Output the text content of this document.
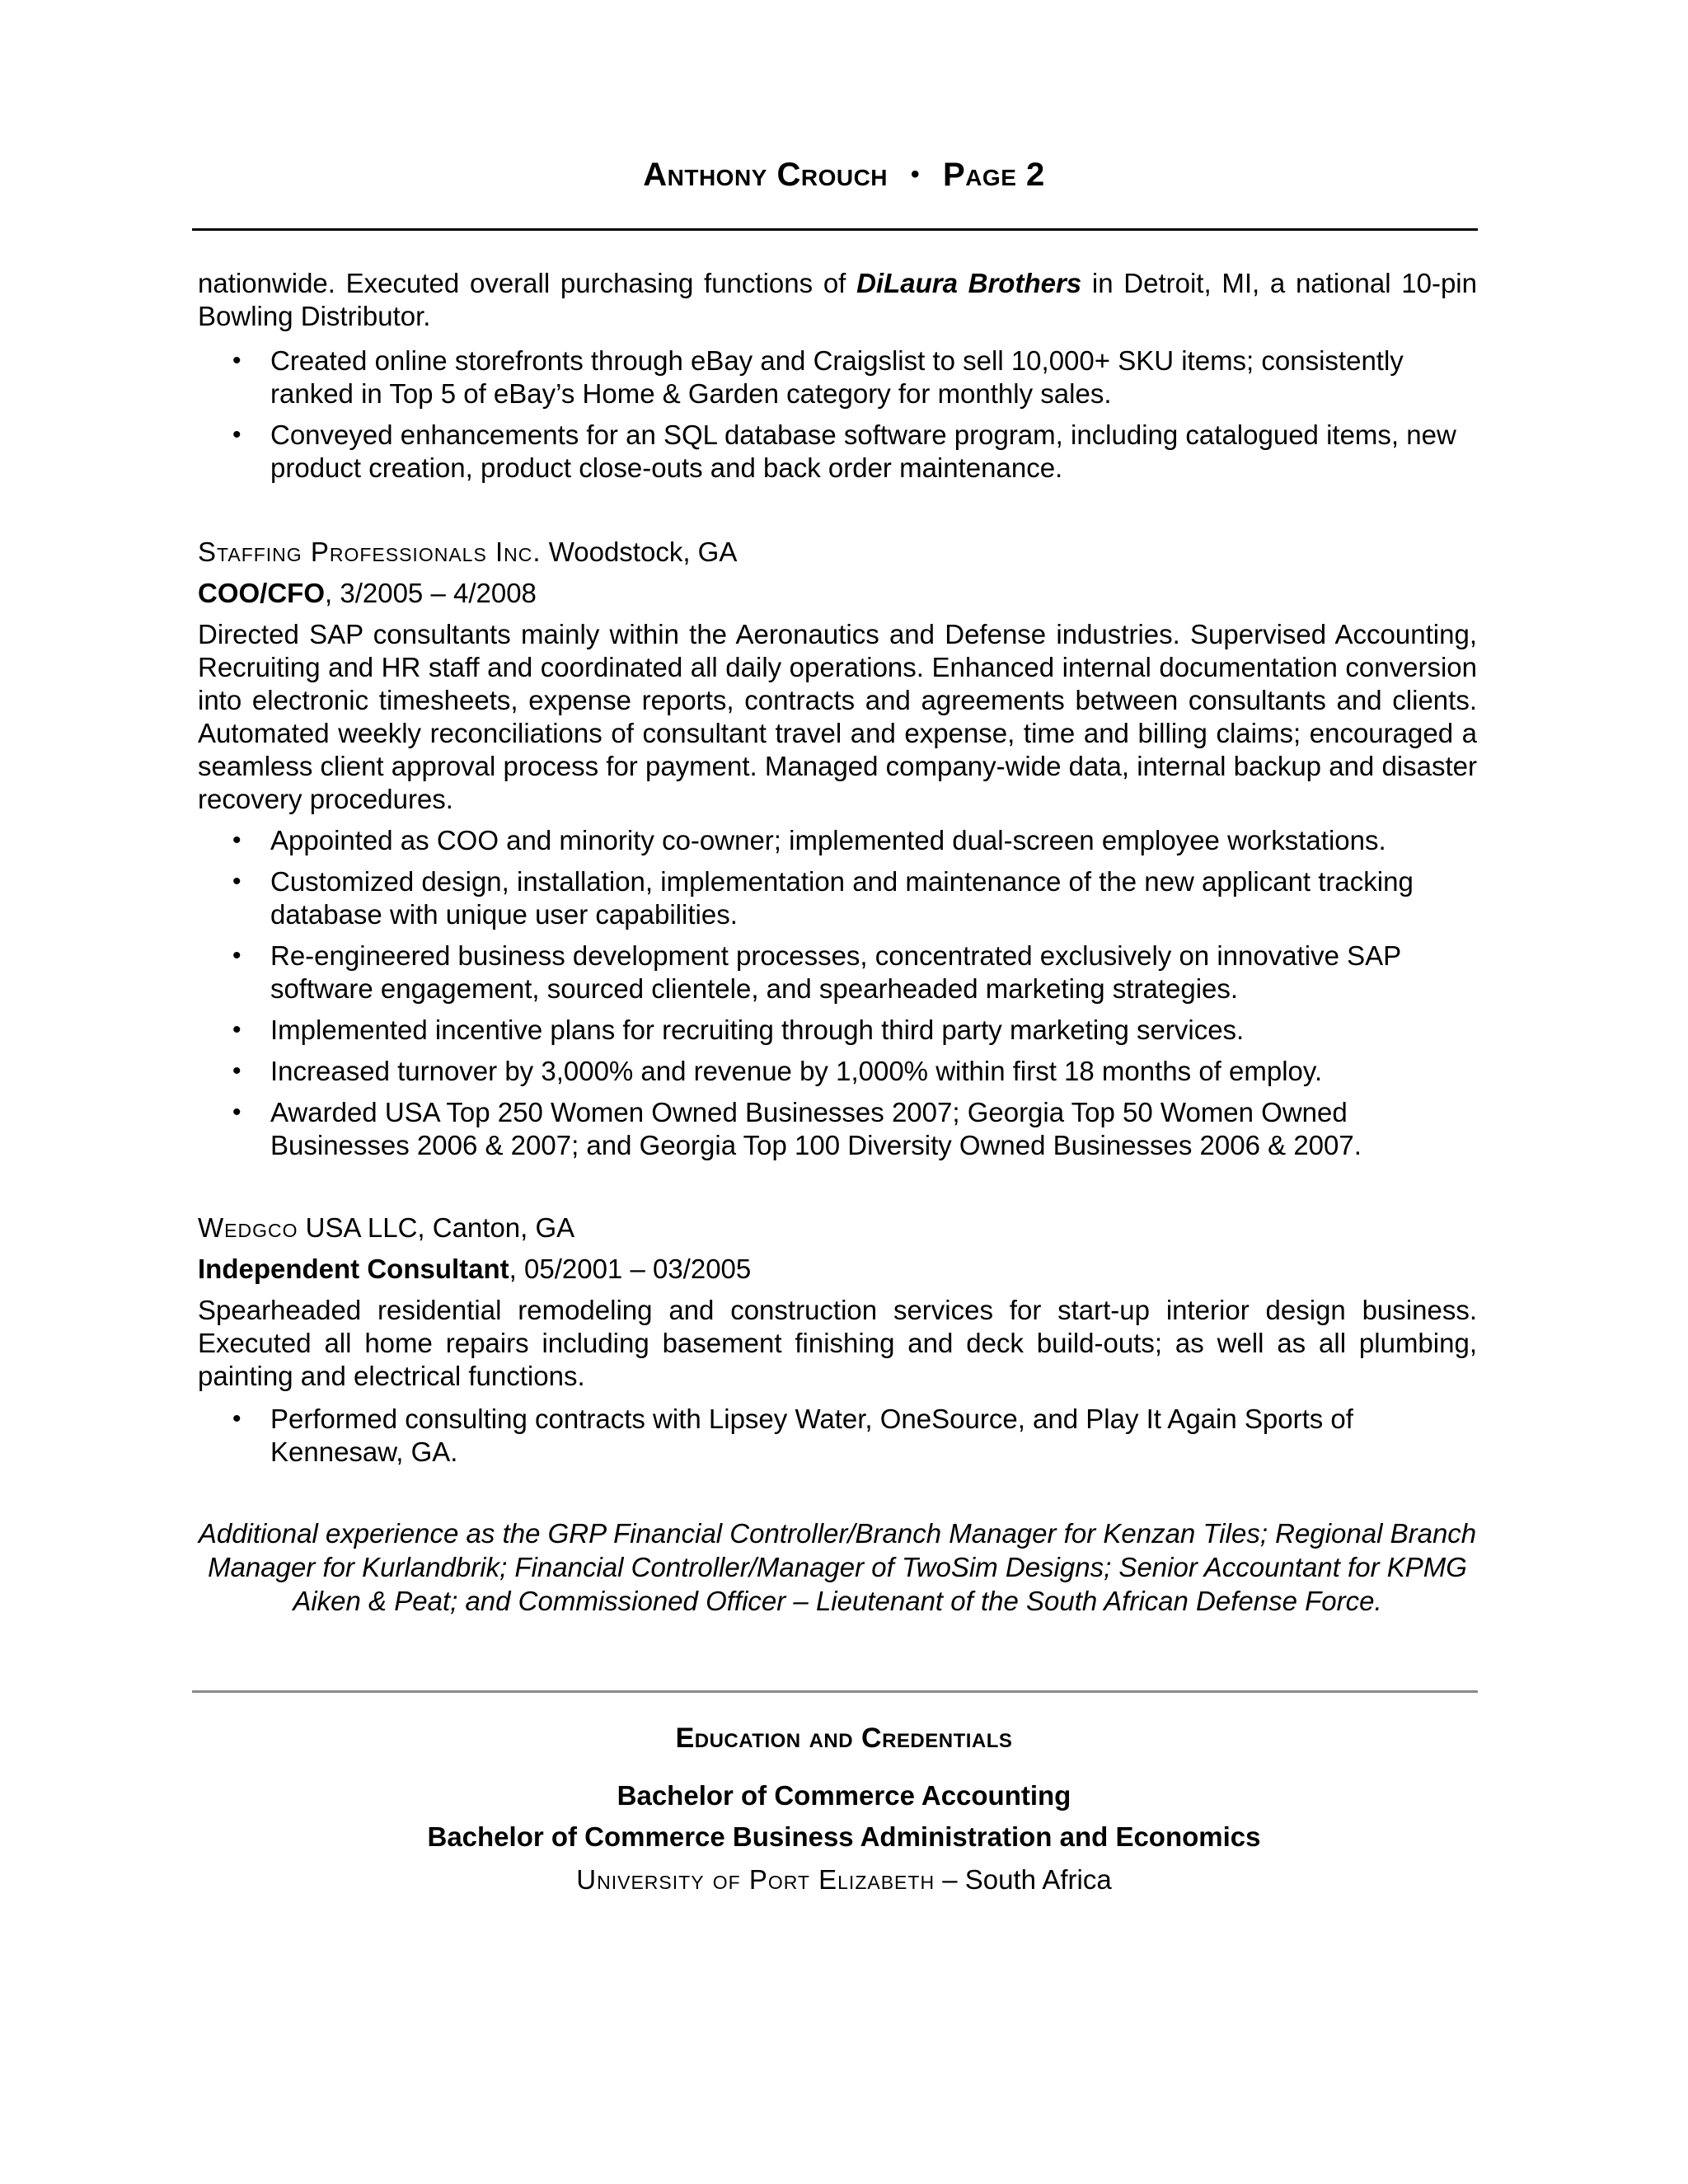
Anthony Crouch • Page 2
nationwide. Executed overall purchasing functions of DiLaura Brothers in Detroit, MI, a national 10-pin Bowling Distributor.
• Created online storefronts through eBay and Craigslist to sell 10,000+ SKU items; consistently ranked in Top 5 of eBay’s Home & Garden category for monthly sales.
• Conveyed enhancements for an SQL database software program, including catalogued items, new product creation, product close-outs and back order maintenance.
Staffing Professionals Inc. Woodstock, GA
COO/CFO, 3/2005 – 4/2008
Directed SAP consultants mainly within the Aeronautics and Defense industries. Supervised Accounting, Recruiting and HR staff and coordinated all daily operations. Enhanced internal documentation conversion into electronic timesheets, expense reports, contracts and agreements between consultants and clients. Automated weekly reconciliations of consultant travel and expense, time and billing claims; encouraged a seamless client approval process for payment. Managed company-wide data, internal backup and disaster recovery procedures.
• Appointed as COO and minority co-owner; implemented dual-screen employee workstations.
• Customized design, installation, implementation and maintenance of the new applicant tracking database with unique user capabilities.
• Re-engineered business development processes, concentrated exclusively on innovative SAP software engagement, sourced clientele, and spearheaded marketing strategies.
• Implemented incentive plans for recruiting through third party marketing services.
• Increased turnover by 3,000% and revenue by 1,000% within first 18 months of employ.
• Awarded USA Top 250 Women Owned Businesses 2007; Georgia Top 50 Women Owned Businesses 2006 & 2007; and Georgia Top 100 Diversity Owned Businesses 2006 & 2007.
Wedgco USA LLC, Canton, GA
Independent Consultant, 05/2001 – 03/2005
Spearheaded residential remodeling and construction services for start-up interior design business. Executed all home repairs including basement finishing and deck build-outs; as well as all plumbing, painting and electrical functions.
• Performed consulting contracts with Lipsey Water, OneSource, and Play It Again Sports of Kennesaw, GA.
Additional experience as the GRP Financial Controller/Branch Manager for Kenzan Tiles; Regional Branch Manager for Kurlandbrik; Financial Controller/Manager of TwoSim Designs; Senior Accountant for KPMG Aiken & Peat; and Commissioned Officer – Lieutenant of the South African Defense Force.
Education and Credentials
Bachelor of Commerce Accounting
Bachelor of Commerce Business Administration and Economics
University of Port Elizabeth – South Africa
